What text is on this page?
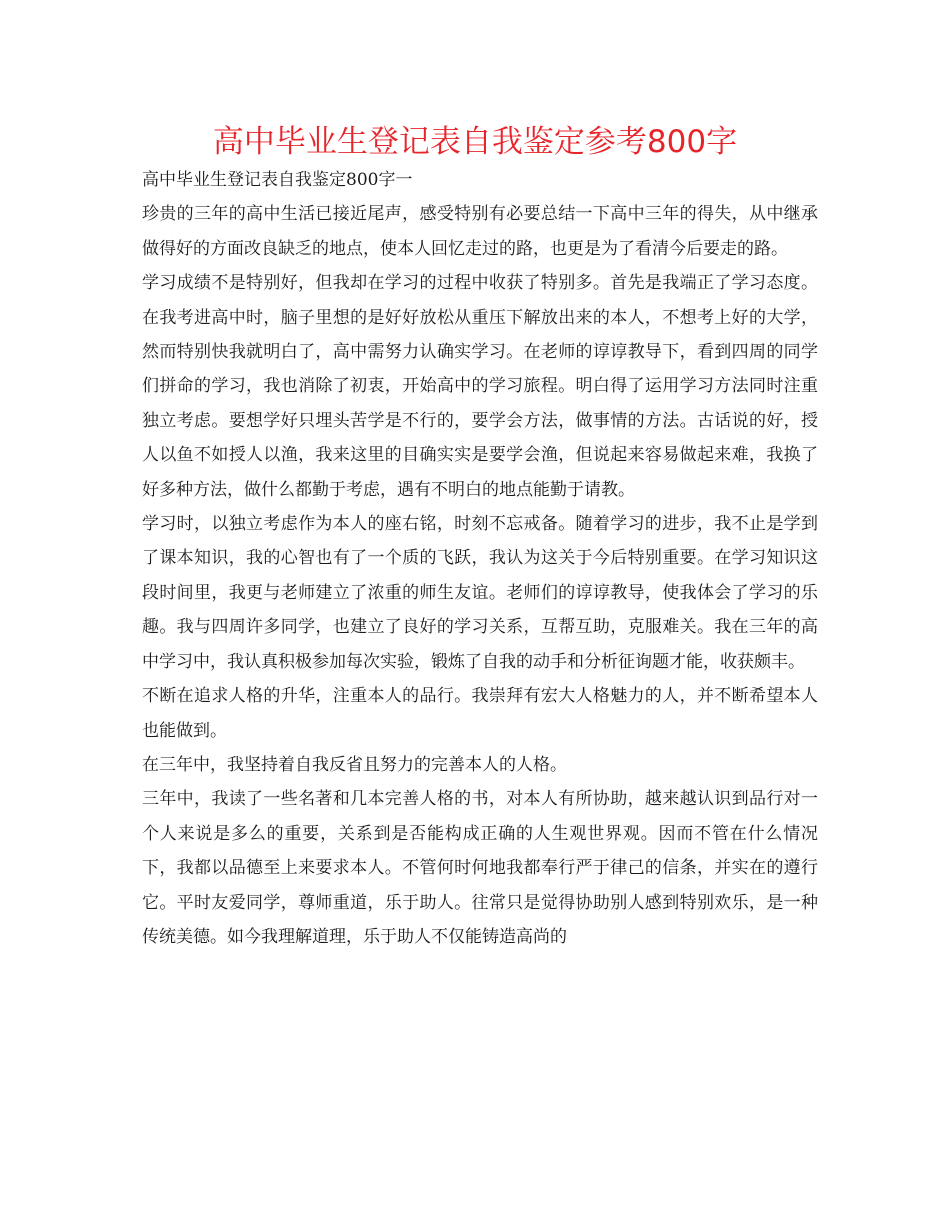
高中毕业生登记表自我鉴定参考800字

高中毕业生登记表自我鉴定800字一

珍贵的三年的高中生活已接近尾声，感受特别有必要总结一下高中三年的得失，从中继承做得好的方面改良缺乏的地点，使本人回忆走过的路，也更是为了看清今后要走的路。

学习成绩不是特别好，但我却在学习的过程中收获了特别多。首先是我端正了学习态度。在我考进高中时，脑子里想的是好好放松从重压下解放出来的本人，不想考上好的大学，然而特别快我就明白了，高中需努力认确实学习。在老师的谆谆教导下，看到四周的同学们拼命的学习，我也消除了初衷，开始高中的学习旅程。明白得了运用学习方法同时注重独立考虑。要想学好只埋头苦学是不行的，要学会方法，做事情的方法。古话说的好，授人以鱼不如授人以渔，我来这里的目确实实是要学会渔，但说起来容易做起来难，我换了好多种方法，做什么都勤于考虑，遇有不明白的地点能勤于请教。

学习时，以独立考虑作为本人的座右铭，时刻不忘戒备。随着学习的进步，我不止是学到了课本知识，我的心智也有了一个质的飞跃，我认为这关于今后特别重要。在学习知识这段时间里，我更与老师建立了浓重的师生友谊。老师们的谆谆教导，使我体会了学习的乐趣。我与四周许多同学，也建立了良好的学习关系，互帮互助，克服难关。我在三年的高中学习中，我认真积极参加每次实验，锻炼了自我的动手和分析征询题才能，收获颇丰。

不断在追求人格的升华，注重本人的品行。我崇拜有宏大人格魅力的人，并不断希望本人也能做到。

在三年中，我坚持着自我反省且努力的完善本人的人格。

三年中，我读了一些名著和几本完善人格的书，对本人有所协助，越来越认识到品行对一个人来说是多么的重要，关系到是否能构成正确的人生观世界观。因而不管在什么情况下，我都以品德至上来要求本人。不管何时何地我都奉行严于律己的信条，并实在的遵行它。平时友爱同学，尊师重道，乐于助人。往常只是觉得协助别人感到特别欢乐，是一种传统美德。如今我理解道理，乐于助人不仅能铸造高尚的
